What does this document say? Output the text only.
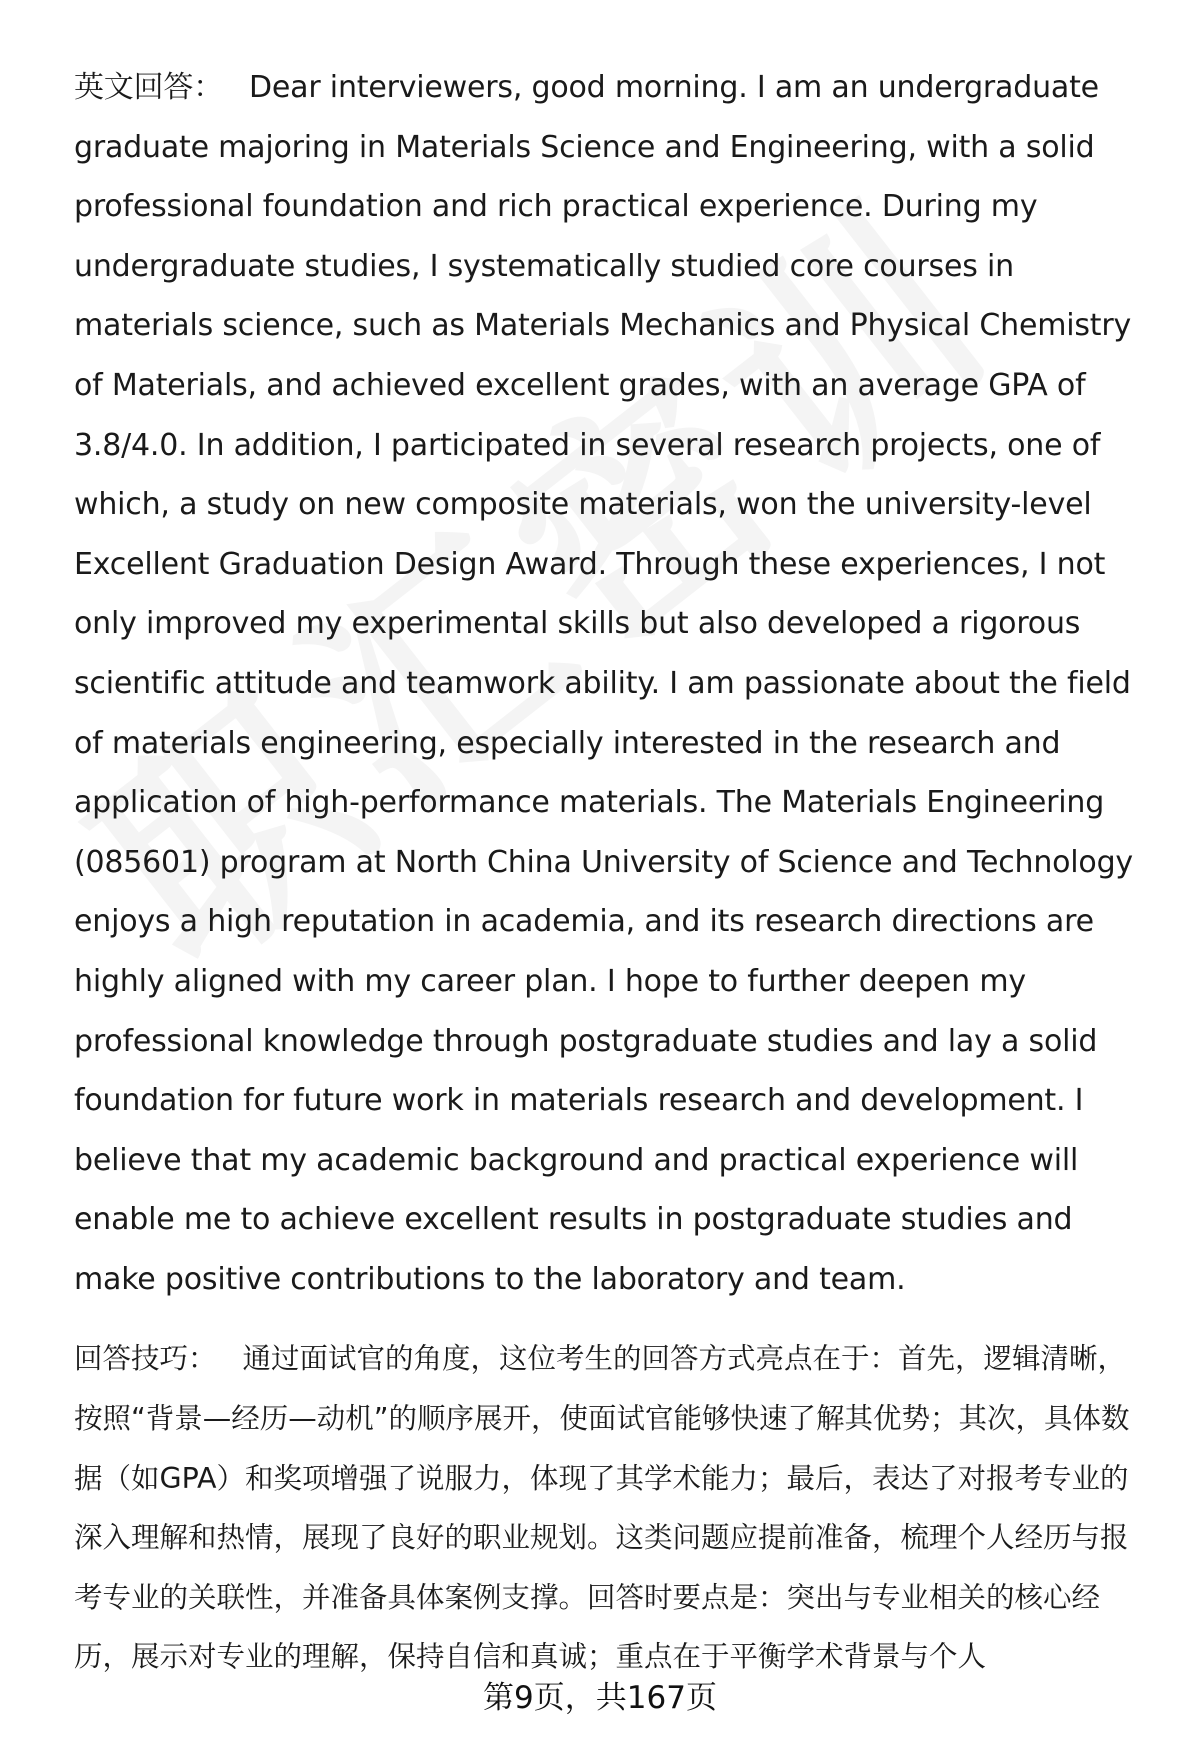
英文回答： Dear interviewers, good morning. I am an undergraduate graduate majoring in Materials Science and Engineering, with a solid professional foundation and rich practical experience. During my undergraduate studies, I systematically studied core courses in materials science, such as Materials Mechanics and Physical Chemistry of Materials, and achieved excellent grades, with an average GPA of 3.8/4.0. In addition, I participated in several research projects, one of which, a study on new composite materials, won the university-level Excellent Graduation Design Award. Through these experiences, I not only improved my experimental skills but also developed a rigorous scientific attitude and teamwork ability. I am passionate about the field of materials engineering, especially interested in the research and application of high-performance materials. The Materials Engineering (085601) program at North China University of Science and Technology enjoys a high reputation in academia, and its research directions are highly aligned with my career plan. I hope to further deepen my professional knowledge through postgraduate studies and lay a solid foundation for future work in materials research and development. I believe that my academic background and practical experience will enable me to achieve excellent results in postgraduate studies and make positive contributions to the laboratory and team.

回答技巧： 通过面试官的角度，这位考生的回答方式亮点在于：首先，逻辑清晰，按照“背景—经历—动机”的顺序展开，使面试官能够快速了解其优势；其次，具体数据（如GPA）和奖项增强了说服力，体现了其学术能力；最后，表达了对报考专业的深入理解和热情，展现了良好的职业规划。这类问题应提前准备，梳理个人经历与报考专业的关联性，并准备具体案例支撑。回答时要点是：突出与专业相关的核心经历，展示对专业的理解，保持自信和真诚；重点在于平衡学术背景与个人

第9页，共167页
